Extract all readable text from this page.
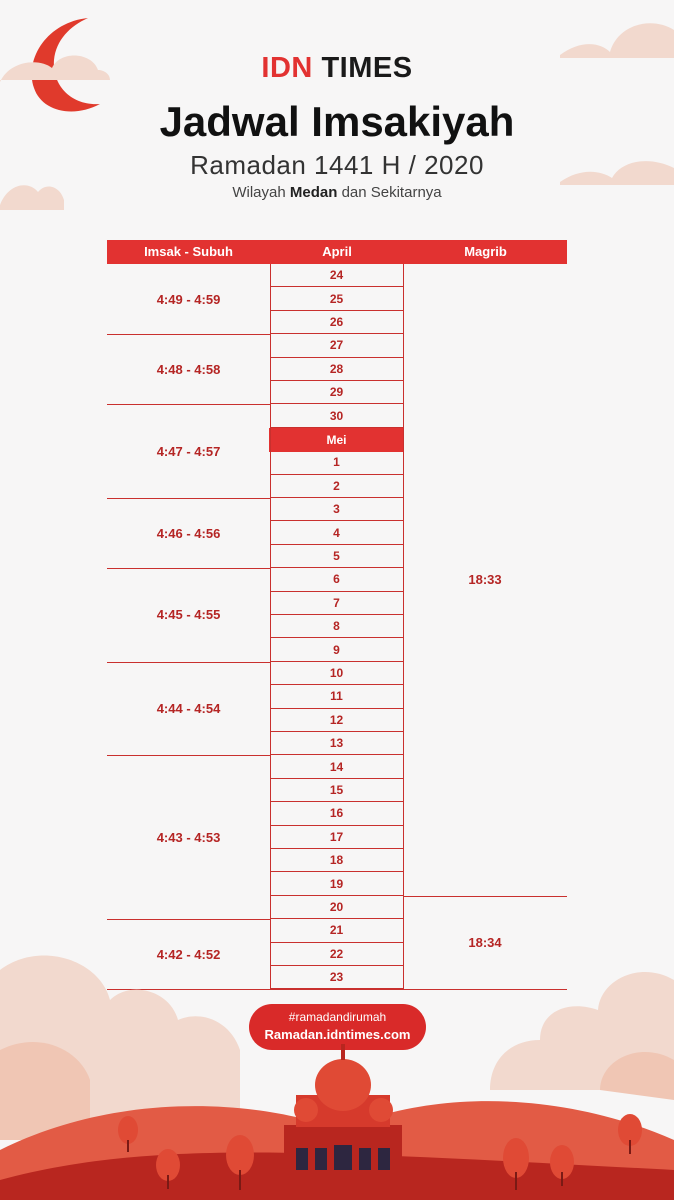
IDN TIMES
Jadwal Imsakiyah
Ramadan 1441 H / 2020
Wilayah Medan dan Sekitarnya
Imsak - Subuh	April	Magrib
24
25
26
27
28
29
30
Mei
1
2
3
4
5
6
7
8
9
10
11
12
13
14
15
16
17
18
19
20
21
22
23
4:49 - 4:59
4:48 - 4:58
4:47 - 4:57
4:46 - 4:56
4:45 - 4:55
4:44 - 4:54
4:43 - 4:53
4:42 - 4:52
18:33
18:34
#ramadandirumah
Ramadan.idntimes.com
